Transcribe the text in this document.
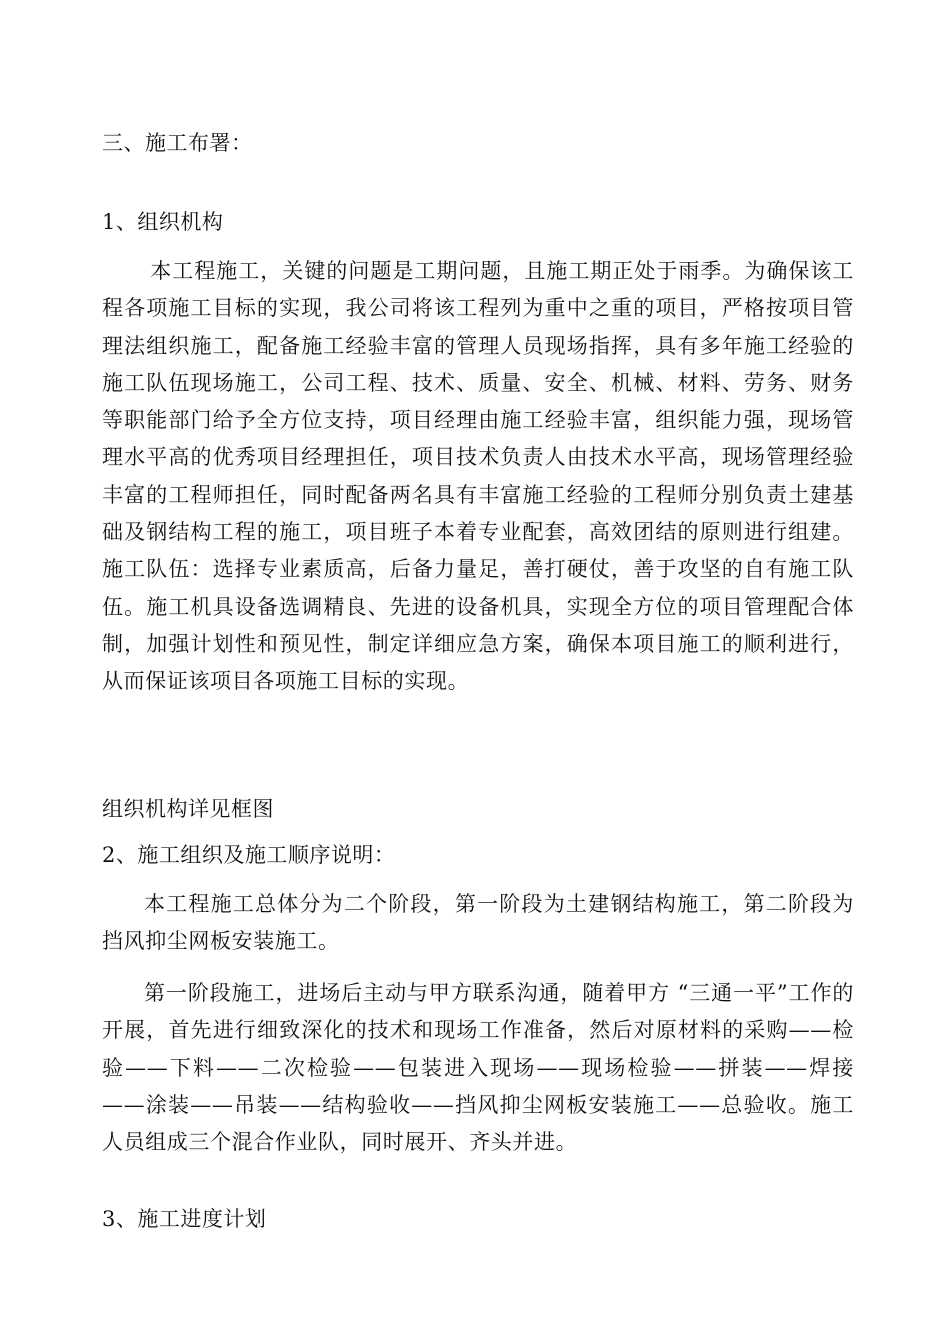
三、施工布署：
1、组织机构
本工程施工，关键的问题是工期问题，且施工期正处于雨季。为确保该工程各项施工目标的实现，我公司将该工程列为重中之重的项目，严格按项目管理法组织施工，配备施工经验丰富的管理人员现场指挥，具有多年施工经验的施工队伍现场施工，公司工程、技术、质量、安全、机械、材料、劳务、财务等职能部门给予全方位支持，项目经理由施工经验丰富，组织能力强，现场管理水平高的优秀项目经理担任，项目技术负责人由技术水平高，现场管理经验丰富的工程师担任，同时配备两名具有丰富施工经验的工程师分别负责土建基础及钢结构工程的施工，项目班子本着专业配套，高效团结的原则进行组建。施工队伍：选择专业素质高，后备力量足，善打硬仗，善于攻坚的自有施工队伍。施工机具设备选调精良、先进的设备机具，实现全方位的项目管理配合体制，加强计划性和预见性，制定详细应急方案，确保本项目施工的顺利进行，从而保证该项目各项施工目标的实现。
组织机构详见框图
2、施工组织及施工顺序说明：
本工程施工总体分为二个阶段，第一阶段为土建钢结构施工，第二阶段为挡风抑尘网板安装施工。
第一阶段施工，进场后主动与甲方联系沟通，随着甲方 “三通一平”工作的开展，首先进行细致深化的技术和现场工作准备，然后对原材料的采购——检验——下料——二次检验——包装进入现场——现场检验——拼装——焊接——涂装——吊装——结构验收——挡风抑尘网板安装施工——总验收。施工人员组成三个混合作业队，同时展开、齐头并进。
3、施工进度计划
